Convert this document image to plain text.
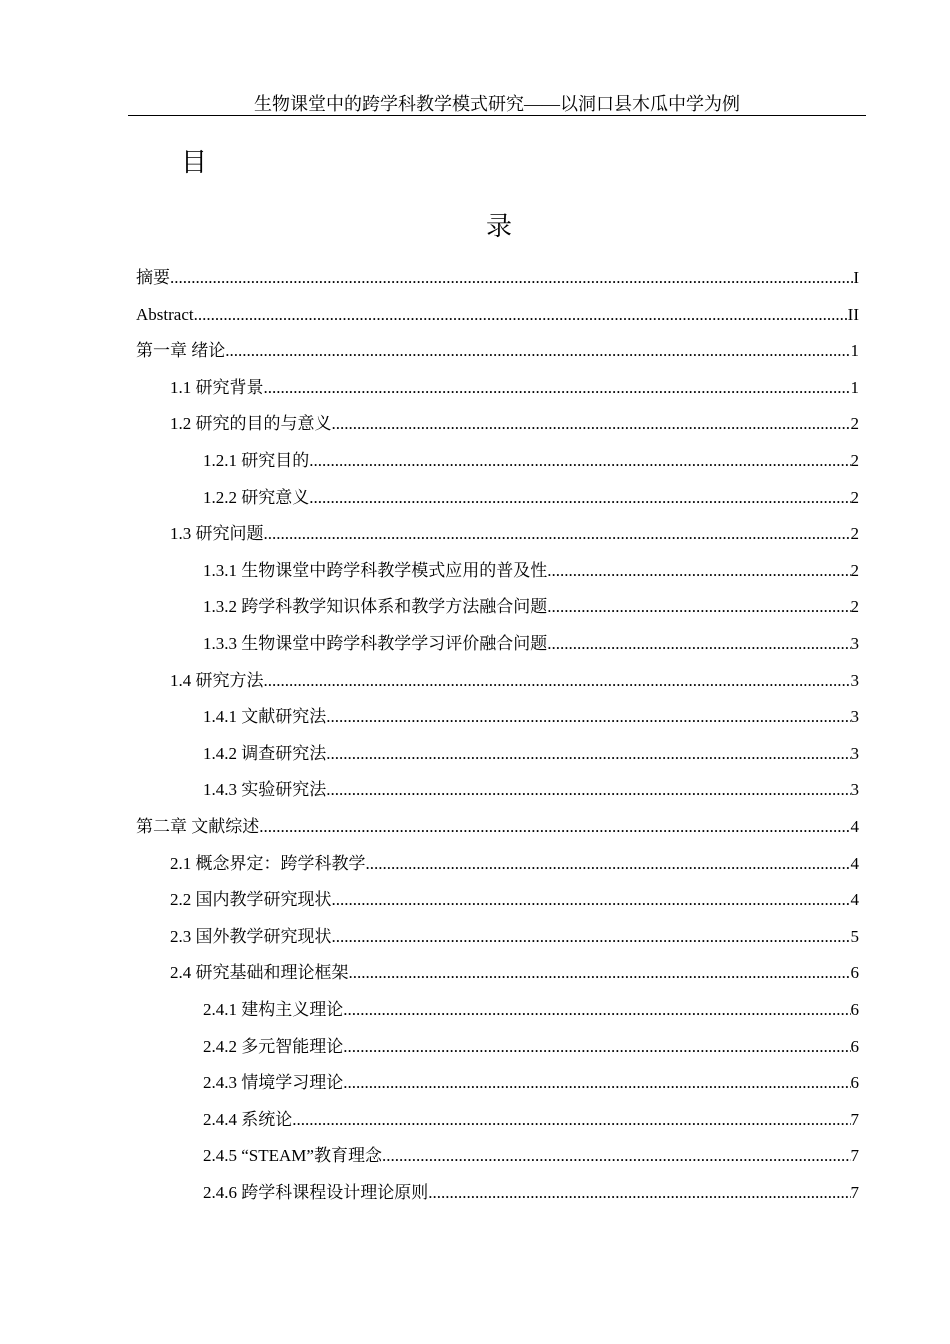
生物课堂中的跨学科教学模式研究——以洞口县木瓜中学为例
目
录
摘要 .....	I
Abstract .....	II
第一章 绪论 .....	1
1.1 研究背景 .....	1
1.2 研究的目的与意义 .....	2
1.2.1 研究目的 .....	2
1.2.2 研究意义 .....	2
1.3 研究问题 .....	2
1.3.1 生物课堂中跨学科教学模式应用的普及性 .....	2
1.3.2 跨学科教学知识体系和教学方法融合问题 .....	2
1.3.3 生物课堂中跨学科教学学习评价融合问题 .....	3
1.4 研究方法 .....	3
1.4.1 文献研究法 .....	3
1.4.2 调查研究法 .....	3
1.4.3 实验研究法 .....	3
第二章 文献综述 .....	4
2.1 概念界定：跨学科教学 .....	4
2.2 国内教学研究现状 .....	4
2.3 国外教学研究现状 .....	5
2.4 研究基础和理论框架 .....	6
2.4.1 建构主义理论 .....	6
2.4.2 多元智能理论 .....	6
2.4.3 情境学习理论 .....	6
2.4.4 系统论 .....	7
2.4.5 “STEAM”教育理念 .....	7
2.4.6 跨学科课程设计理论原则 .....	7
